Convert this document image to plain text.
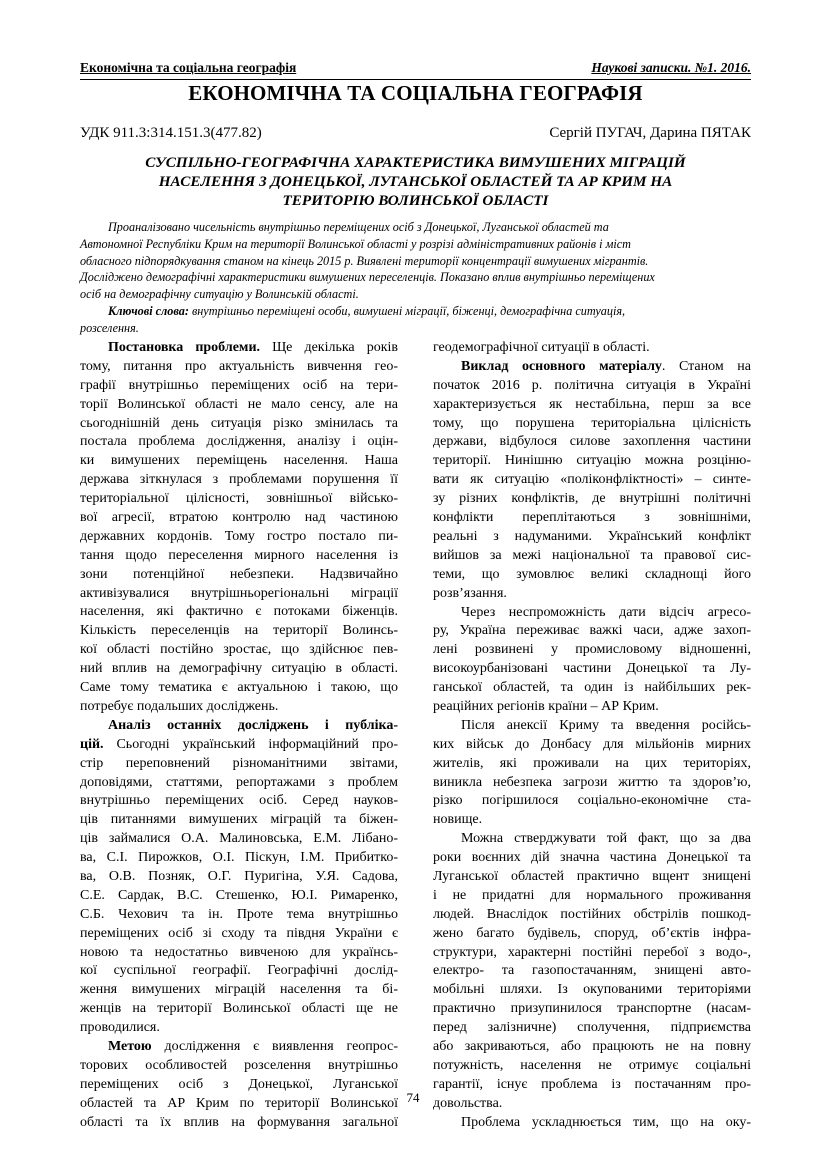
Економічна та соціальна географія	Наукові записки. №1. 2016.
ЕКОНОМІЧНА ТА СОЦІАЛЬНА ГЕОГРАФІЯ
УДК 911.3:314.151.3(477.82)	Сергій ПУГАЧ, Дарина ПЯТАК
СУСПІЛЬНО-ГЕОГРАФІЧНА ХАРАКТЕРИСТИКА ВИМУШЕНИХ МІГРАЦІЙ
НАСЕЛЕННЯ З ДОНЕЦЬКОЇ, ЛУГАНСЬКОЇ ОБЛАСТЕЙ ТА АР КРИМ НА
ТЕРИТОРІЮ ВОЛИНСЬКОЇ ОБЛАСТІ
Проаналізовано чисельність внутрішньо переміщених осіб з Донецької, Луганської областей та
Автономної Республіки Крим на території Волинської області у розрізі адміністративних районів і міст
обласного підпорядкування станом на кінець 2015 р. Виявлені території концентрації вимушених мігрантів.
Досліджено демографічні характеристики вимушених переселенців. Показано вплив внутрішньо переміщених
осіб на демографічну ситуацію у Волинській області.
Ключові слова: внутрішньо переміщені особи, вимушені міграції, біженці, демографічна ситуація,
розселення.
Постановка проблеми. Ще декілька років
тому, питання про актуальність вивчення гео-
графії внутрішньо переміщених осіб на тери-
торії Волинської області не мало сенсу, але на
сьогоднішній день ситуація різко змінилась та
постала проблема дослідження, аналізу і оцін-
ки вимушених переміщень населення. Наша
держава зіткнулася з проблемами порушення її
територіальної цілісності, зовнішньої військо-
вої агресії, втратою контролю над частиною
державних кордонів. Тому гостро постало пи-
тання щодо переселення мирного населення із
зони потенційної небезпеки. Надзвичайно
активізувалися внутрішньорегіональні міграції
населення, які фактично є потоками біженців.
Кількість переселенців на території Волинсь-
кої області постійно зростає, що здійснює пев-
ний вплив на демографічну ситуацію в області.
Саме тому тематика є актуальною і такою, що
потребує подальших досліджень.
Аналіз останніх досліджень і публіка-
цій. Сьогодні український інформаційний про-
стір переповнений різноманітними звітами,
доповідями, статтями, репортажами з проблем
внутрішньо переміщених осіб. Серед науков-
ців питаннями вимушених міграцій та біжен-
ців займалися О.А. Малиновська, Е.М. Лібано-
ва, С.І. Пирожков, О.І. Піскун, І.М. Прибитко-
ва, О.В. Позняк, О.Г. Пуригіна, У.Я. Садова,
С.Е. Сардак, В.С. Стешенко, Ю.І. Римаренко,
С.Б. Чехович та ін. Проте тема внутрішньо
переміщених осіб зі сходу та півдня України є
новою та недостатньо вивченою для українсь-
кої суспільної географії. Географічні дослід-
ження вимушених міграцій населення та бі-
женців на території Волинської області ще не
проводилися.
Метою дослідження є виявлення геопрос-
торових особливостей розселення внутрішньо
переміщених осіб з Донецької, Луганської
областей та АР Крим по території Волинської
області та їх вплив на формування загальної
геодемографічної ситуації в області.
Виклад основного матеріалу. Станом на
початок 2016 р. політична ситуація в Україні
характеризується як нестабільна, перш за все
тому, що порушена територіальна цілісність
держави, відбулося силове захоплення частини
території. Нинішню ситуацію можна розціню-
вати як ситуацію «поліконфліктності» – синте-
зу різних конфліктів, де внутрішні політичні
конфлікти переплітаються з зовнішніми,
реальні з надуманими. Український конфлікт
вийшов за межі національної та правової сис-
теми, що зумовлює великі складнощі його
розв’язання.
Через неспроможність дати відсіч агресо-
ру, Україна переживає важкі часи, адже захоп-
лені розвинені у промисловому відношенні,
високоурбанізовані частини Донецької та Лу-
ганської областей, та один із найбільших рек-
реаційних регіонів країни – АР Крим.
Після анексії Криму та введення російсь-
ких військ до Донбасу для мільйонів мирних
жителів, які проживали на цих територіях,
виникла небезпека загрози життю та здоров’ю,
різко погіршилося соціально-економічне ста-
новище.
Можна стверджувати той факт, що за два
роки воєнних дій значна частина Донецької та
Луганської областей практично вщент знищені
і не придатні для нормального проживання
людей. Внаслідок постійних обстрілів пошкод-
жено багато будівель, споруд, об’єктів інфра-
структури, характерні постійні перебої з водо-,
електро- та газопостачанням, знищені авто-
мобільні шляхи. Із окупованими територіями
практично призупинилося транспортне (насам-
перед залізничне) сполучення, підприємства
або закриваються, або працюють не на повну
потужність, населення не отримує соціальні
гарантії, існує проблема із постачанням про-
довольства.
Проблема ускладнюється тим, що на оку-
74
